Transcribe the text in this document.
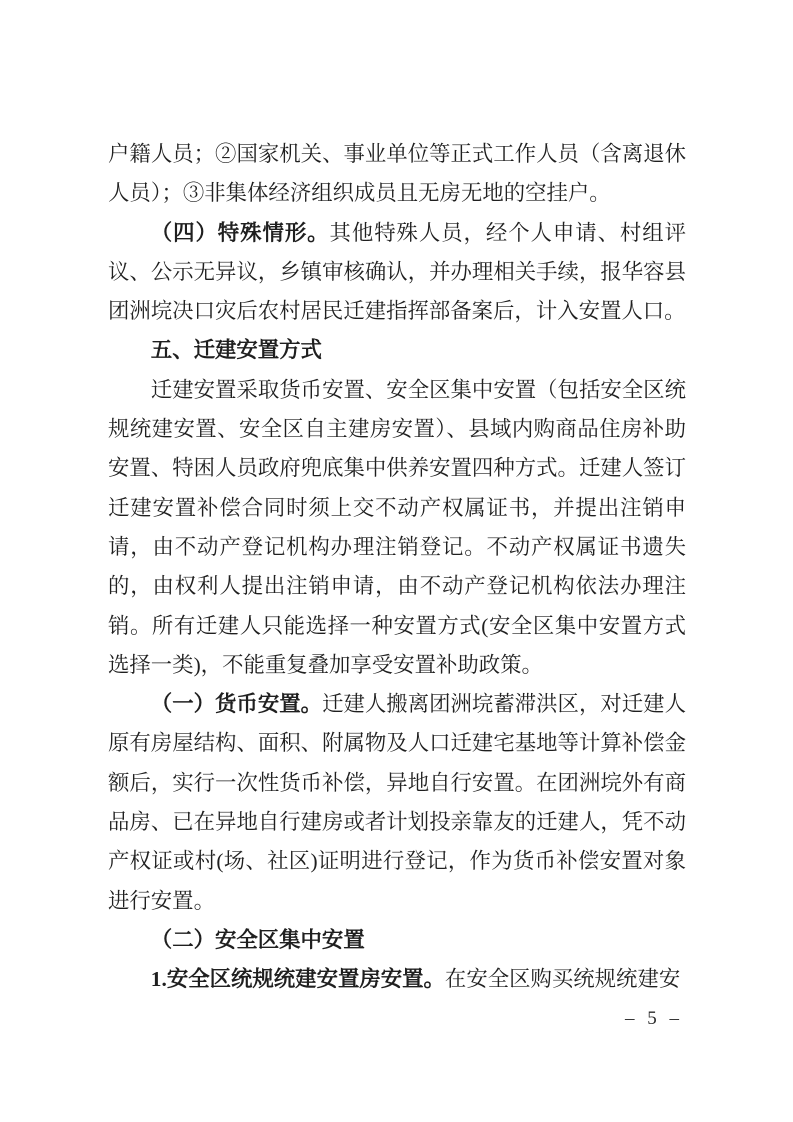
户籍人员；②国家机关、事业单位等正式工作人员（含离退休人员）；③非集体经济组织成员且无房无地的空挂户。

（四）特殊情形。其他特殊人员，经个人申请、村组评议、公示无异议，乡镇审核确认，并办理相关手续，报华容县团洲垸决口灾后农村居民迁建指挥部备案后，计入安置人口。

五、迁建安置方式

迁建安置采取货币安置、安全区集中安置（包括安全区统规统建安置、安全区自主建房安置）、县域内购商品住房补助安置、特困人员政府兜底集中供养安置四种方式。迁建人签订迁建安置补偿合同时须上交不动产权属证书，并提出注销申请，由不动产登记机构办理注销登记。不动产权属证书遗失的，由权利人提出注销申请，由不动产登记机构依法办理注销。所有迁建人只能选择一种安置方式(安全区集中安置方式选择一类)，不能重复叠加享受安置补助政策。

（一）货币安置。迁建人搬离团洲垸蓄滞洪区，对迁建人原有房屋结构、面积、附属物及人口迁建宅基地等计算补偿金额后，实行一次性货币补偿，异地自行安置。在团洲垸外有商品房、已在异地自行建房或者计划投亲靠友的迁建人，凭不动产权证或村(场、社区)证明进行登记，作为货币补偿安置对象进行安置。

（二）安全区集中安置

1.安全区统规统建安置房安置。在安全区购买统规统建安

– 5 –
